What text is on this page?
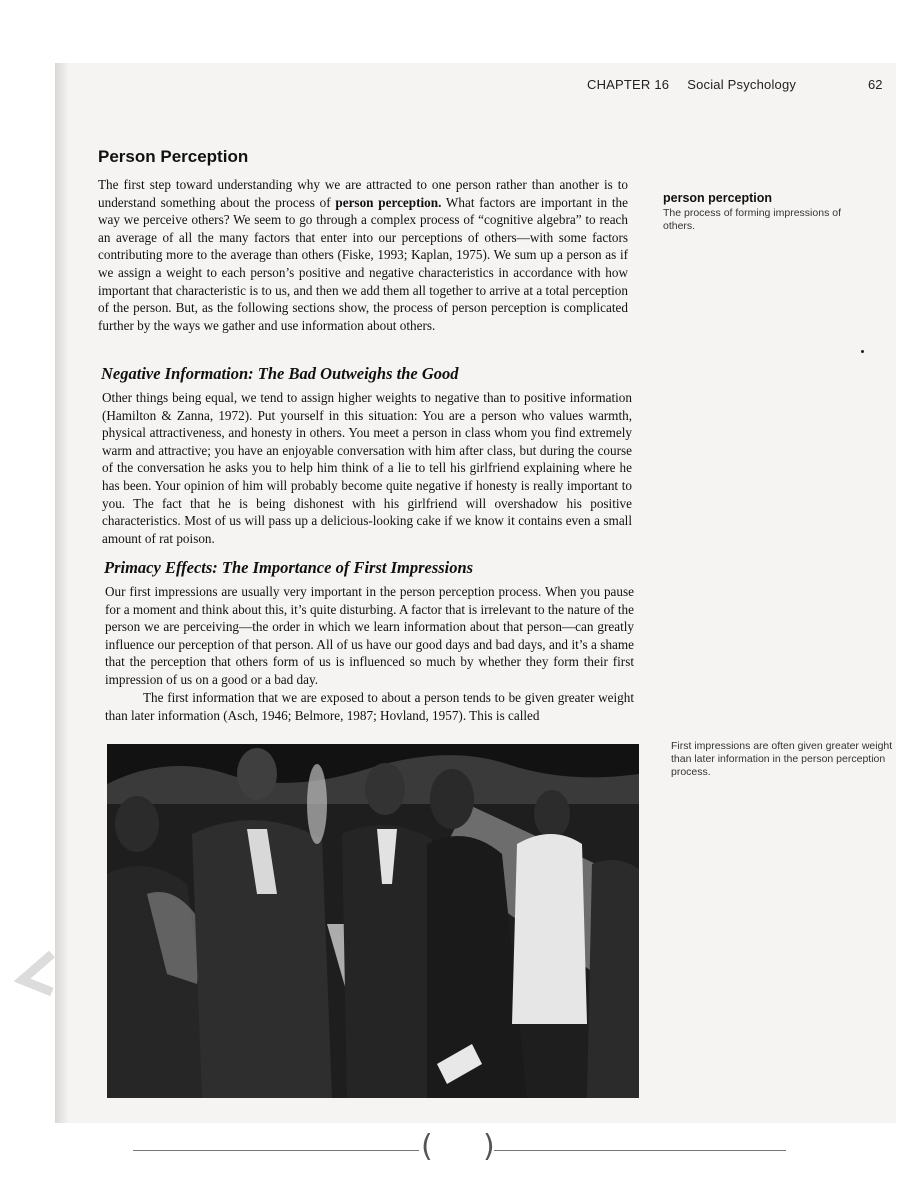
CHAPTER 16 Social Psychology	62
Person Perception

The first step toward understanding why we are attracted to one person rather than another is to understand something about the process of person perception. What factors are important in the way we perceive others? We seem to go through a complex process of “cognitive algebra” to reach an average of all the many factors that enter into our perceptions of others—with some factors contributing more to the average than others (Fiske, 1993; Kaplan, 1975). We sum up a person as if we assign a weight to each person’s positive and negative characteristics in accordance with how important that characteristic is to us, and then we add them all together to arrive at a total perception of the person. But, as the following sections show, the process of person perception is complicated further by the ways we gather and use information about others.

person perception
The process of forming impressions of others.
Negative Information: The Bad Outweighs the Good

Other things being equal, we tend to assign higher weights to negative than to positive information (Hamilton & Zanna, 1972). Put yourself in this situation: You are a person who values warmth, physical attractiveness, and honesty in others. You meet a person in class whom you find extremely warm and attractive; you have an enjoyable conversation with him after class, but during the course of the conversation he asks you to help him think of a lie to tell his girlfriend explaining where he has been. Your opinion of him will probably become quite negative if honesty is really important to you. The fact that he is being dishonest with his girlfriend will overshadow his positive characteristics. Most of us will pass up a delicious-looking cake if we know it contains even a small amount of rat poison.

Primacy Effects: The Importance of First Impressions

Our first impressions are usually very important in the person perception process. When you pause for a moment and think about this, it’s quite disturbing. A factor that is irrelevant to the nature of the person we are perceiving—the order in which we learn information about that person—can greatly influence our perception of that person. All of us have our good days and bad days, and it’s a shame that the perception that others form of us is influenced so much by whether they form their first impression of us on a good or a bad day.

The first information that we are exposed to about a person tends to be given greater weight than later information (Asch, 1946; Belmore, 1987; Hovland, 1957). This is called

First impressions are often given greater weight than later information in the person perception process.
( )
